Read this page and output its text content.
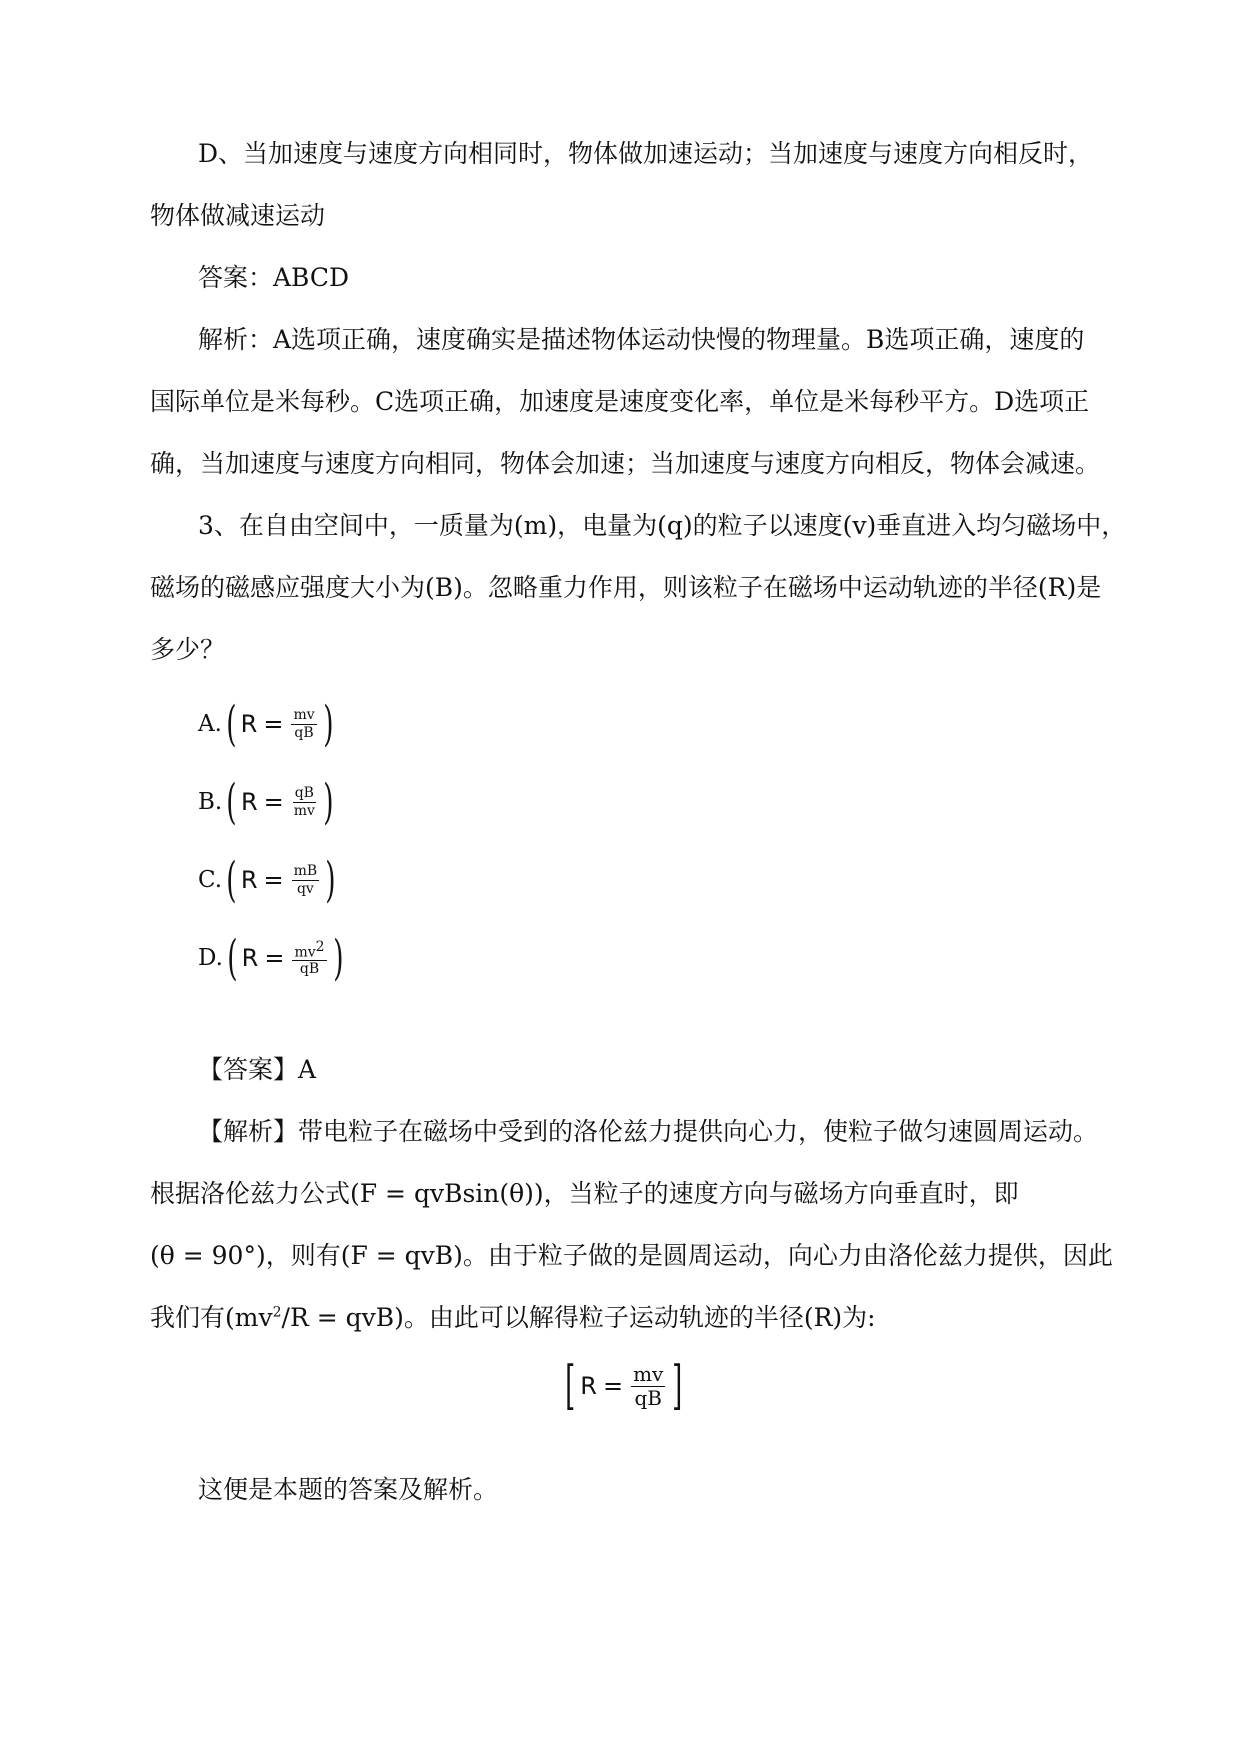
D、当加速度与速度方向相同时，物体做加速运动；当加速度与速度方向相反时，
物体做减速运动
答案：ABCD
解析：A选项正确，速度确实是描述物体运动快慢的物理量。B选项正确，速度的
国际单位是米每秒。C选项正确，加速度是速度变化率，单位是米每秒平方。D选项正
确，当加速度与速度方向相同，物体会加速；当加速度与速度方向相反，物体会减速。
3、在自由空间中，一质量为(m)，电量为(q)的粒子以速度(v)垂直进入均匀磁场中，
磁场的磁感应强度大小为(B)。忽略重力作用，则该粒子在磁场中运动轨迹的半径(R)是
多少？
A. ( $R = \frac{mv}{qB}$ )
B. ( $R = \frac{qB}{mv}$ )
C. ( $R = \frac{mB}{qv}$ )
D. ( $R = \frac{mv^2}{qB}$ )
【答案】A
【解析】带电粒子在磁场中受到的洛伦兹力提供向心力，使粒子做匀速圆周运动。
根据洛伦兹力公式(F = qvBsin(θ))，当粒子的速度方向与磁场方向垂直时，即
(θ = 90°)，则有(F = qvB)。由于粒子做的是圆周运动，向心力由洛伦兹力提供，因此
我们有$(mv^2/R = qvB)$。由此可以解得粒子运动轨迹的半径(R)为:
[ $R = \frac{mv}{qB}$ ]
这便是本题的答案及解析。
